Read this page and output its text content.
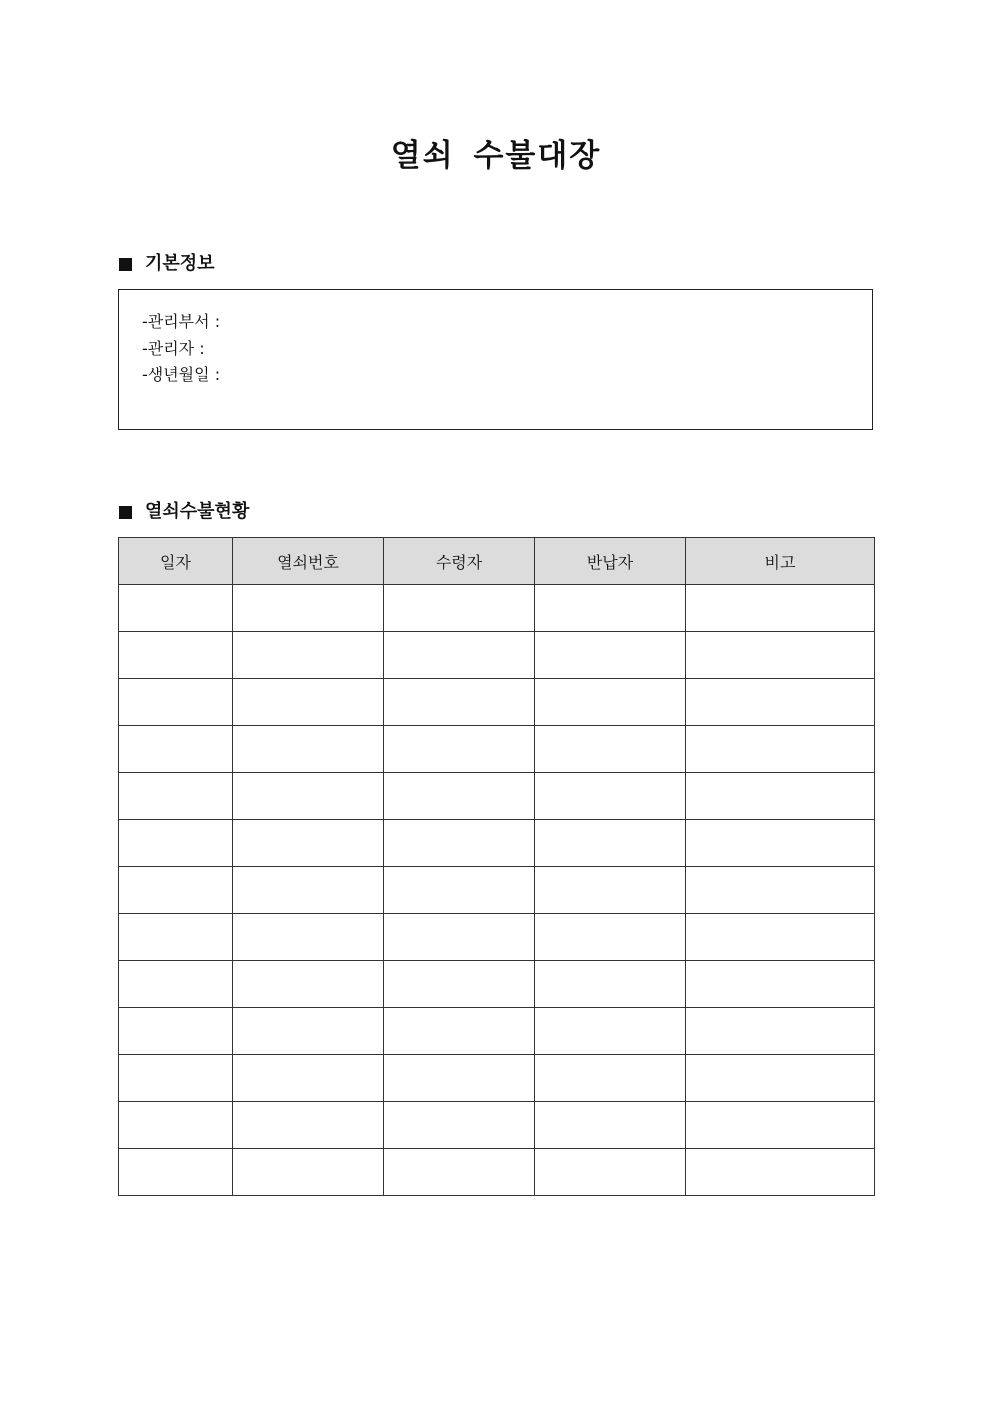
열쇠 수불대장
기본정보
-관리부서 :
-관리자 :
-생년월일 :
열쇠수불현황
일자	열쇠번호	수령자	반납자	비고
